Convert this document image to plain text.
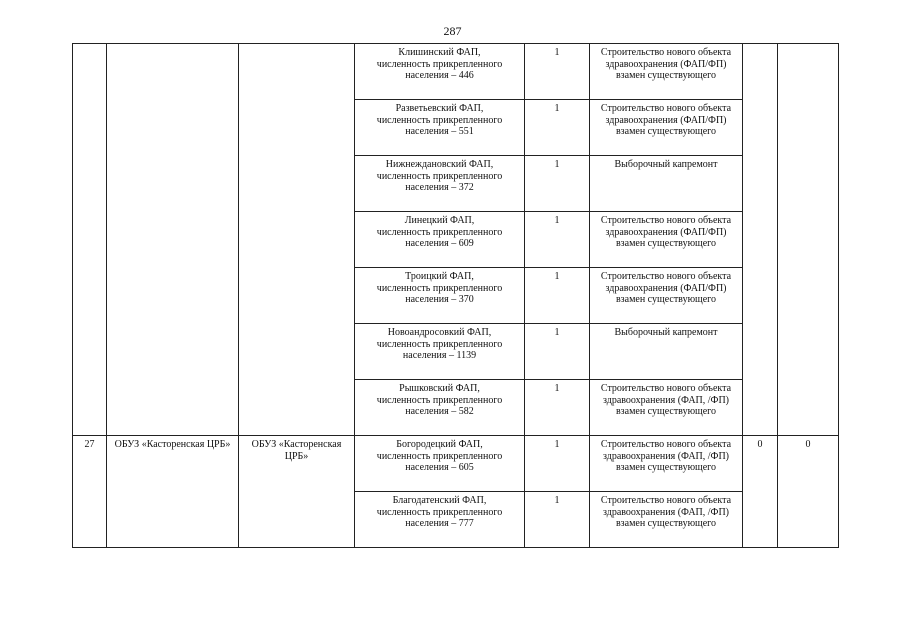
287

			Клишинский ФАП,
численность прикрепленного
населения – 446	1	Строительство нового объекта здравоохранения (ФАП/ФП) взамен существующего		

			Разветьевский ФАП,
численность прикрепленного
населения – 551	1	Строительство нового объекта здравоохранения (ФАП/ФП) взамен существующего		

			Нижнеждановский ФАП,
численность прикрепленного
населения – 372	1	Выборочный капремонт		

			Линецкий ФАП,
численность прикрепленного
населения – 609	1	Строительство нового объекта здравоохранения (ФАП/ФП) взамен существующего		

			Троицкий ФАП,
численность прикрепленного
населения – 370	1	Строительство нового объекта здравоохранения (ФАП/ФП) взамен существующего		

			Новоандросовкий ФАП,
численность прикрепленного
населения – 1139	1	Выборочный капремонт		

			Рышковский ФАП,
численность прикрепленного
населения – 582	1	Строительство нового объекта здравоохранения (ФАП, /ФП) взамен существующего		
27	ОБУЗ «Касторенская ЦРБ»	ОБУЗ «Касторенская ЦРБ»	Богородецкий ФАП,
численность прикрепленного
населения – 605	1	Строительство нового объекта здравоохранения (ФАП, /ФП) взамен существующего	0	0

			Благодатенский ФАП,
численность прикрепленного
населения – 777	1	Строительство нового объекта здравоохранения (ФАП, /ФП) взамен существующего		
